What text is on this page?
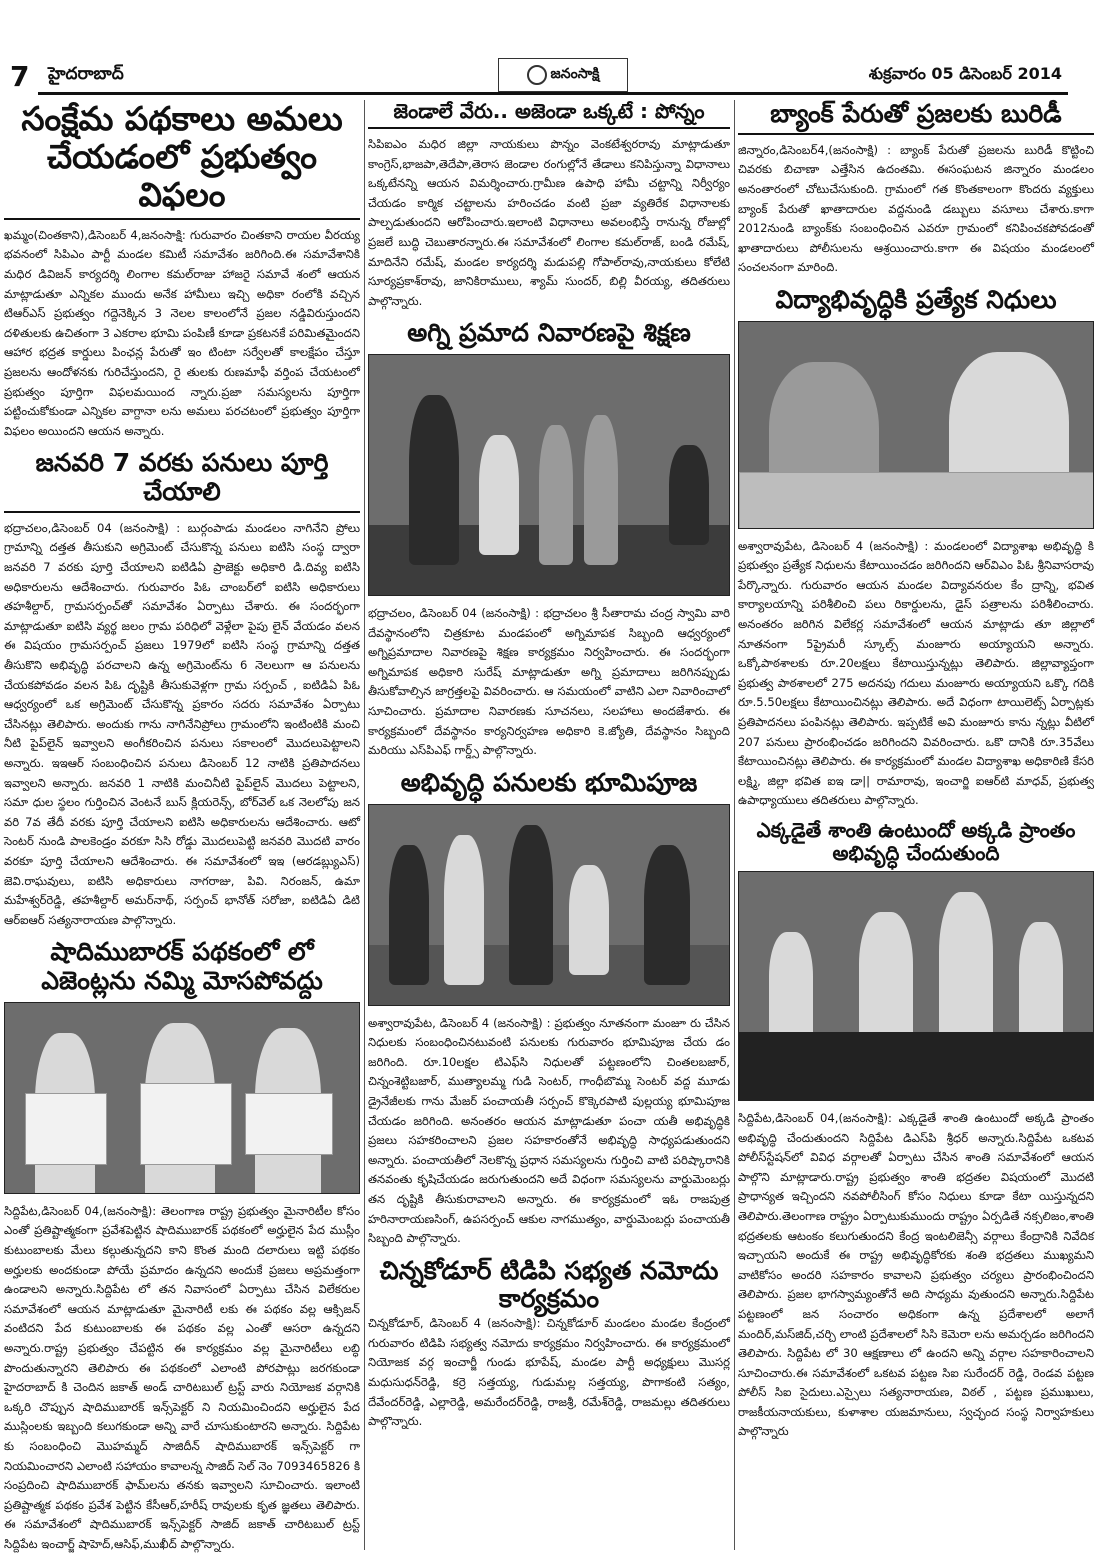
7 హైదరాబాద్	జనంసాక్షి	శుక్రవారం 05 డిసెంబర్ 2014
సంక్షేమ పథకాలు అమలు చేయడంలో ప్రభుత్వం విఫలం

ఖమ్మం(చింతకాని),డిసెంబర్ 4,జనంసాక్షి: గురువారం చింతకాని రాయల వీరయ్య భవనంలో సిపిఎం పార్టీ మండల కమిటీ సమావేశం జరిగింది.ఈ సమావేశానికి మధిర డివిజన్ కార్యదర్శి లింగాల కమల్‌రాజు హాజరై సమావే శంలో ఆయన మాట్లాడుతూ ఎన్నికల ముందు అనేక హామీలు ఇచ్చి అధికా రంలోకి వచ్చిన టిఆర్‌ఎస్ ప్రభుత్వం గద్దెనెక్కిన 3 నెలల కాలంలోనే ప్రజల నడ్డివిరుస్తుందని దళితులకు ఉచితంగా 3 ఎకరాల భూమి పంపిణీ కూడా ప్రకటనకే పరిమితమైందని ఆహార భద్రత కార్డులు పింఛన్ల పేరుతో ఇం టింటా సర్వేలతో కాలక్షేపం చేస్తూ ప్రజలను ఆందోళనకు గురిచేస్తుందని, రై తులకు రుణమాఫీ వర్తింప చేయటంలో ప్రభుత్వం పూర్తిగా విఫలమయింద న్నారు.ప్రజా సమస్యలను పూర్తిగా పట్టించుకోకుండా ఎన్నికల వాగ్దానా లను అమలు పరచటంలో ప్రభుత్వం పూర్తిగా విఫలం అయిందని ఆయన అన్నారు.

జనవరి 7 వరకు పనులు పూర్తి చేయాలి

భద్రాచలం,డిసెంబర్ 04 (జనంసాక్షి) : బుర్గంపాడు మండలం నాగినేని ప్రోలు గ్రామాన్ని దత్తత తీసుకుని అగ్రిమెంట్ చేసుకొన్న పనులు ఐటిసి సంస్థ ద్వారా జనవరి 7 వరకు పూర్తి చేయాలని ఐటిడిఏ ప్రాజెక్టు అధికారి డి.దివ్య ఐటిసి అధికారులను ఆదేశించారు. గురువారం పిఓ చాంబర్‌లో ఐటిసి అధికారులు తహశీల్దార్, గ్రామసర్పంచ్‌తో సమావేశం ఏర్పాటు చేశారు. ఈ సందర్భంగా మాట్లాడుతూ ఐటిసి వ్యర్థ జలం గ్రామ పరిధిలో వెళ్లేలా పైపు లైన్ వేయడం వలన ఈ విషయం గ్రామసర్పంచ్ ప్రజలు 1979లో ఐటిసి సంస్థ గ్రామాన్ని దత్తత తీసుకొని అభివృద్ధి పరచాలని ఉన్న అగ్రిమెంట్‌ను 6 నెలలుగా ఆ పనులను చేయకపోవడం వలన పిఓ దృష్టికి తీసుకువెళ్లగా గ్రామ సర్పంచ్ , ఐటిడిఏ పిఓ ఆధ్వర్యంలో ఒక అగ్రిమెంట్ చేసుకొన్న ప్రకారం సదరు సమావేశం ఏర్పాటు చేసినట్లు తెలిపారు. అందుకు గాను నాగినేనిప్రోలు గ్రామంలోని ఇంటింటికి మంచి నీటి పైప్‌లైన్ ఇవ్వాలని అంగీకరించిన పనులు సకాలంలో మొదలుపెట్టాలని అన్నారు. ఇఇఆర్ సంబంధించిన పనులు డిసెంబర్ 12 నాటికి ప్రతిపాదనలు ఇవ్వాలని అన్నారు. జనవరి 1 నాటికి మంచినీటి పైప్‌లైన్ మొదలు పెట్టాలని, సమా ధుల స్థలం గుర్తించిన వెంటనే బుస్ క్లియరెన్స్, బోర్‌వెల్ ఒక నెలలోపు జన వరి 7వ తేదీ వరకు పూర్తి చేయాలని ఐటిసి అధికారులను ఆదేశించారు. ఆటో సెంటర్ నుండి పాలకెండ్రం వరకూ సిసి రోడ్డు మొదలుపెట్టి జనవరి మొదటి వారం వరకూ పూర్తి చేయాలని ఆదేశించారు. ఈ సమావేశంలో ఇఇ (ఆరడబ్ల్యుఎస్) జెవి.రాఘవులు, ఐటిసి అధికారులు నాగరాజు, పివి. నిరంజన్, ఉమా మహేశ్వర్‌రెడ్డి, తహశీల్దార్ అమర్‌నాథ్, సర్పంచ్ భానోత్ సరోజా, ఐటిడిఏ డిటి ఆర్‌ఐఆర్ సత్యనారాయణ పాల్గొన్నారు.

షాదిముబారక్ పథకంలో లో ఎజెంట్లను నమ్మి మోసపోవద్దు

సిద్దిపేట,డిసెంబర్ 04,(జనంసాక్షి): తెలంగాణ రాష్ట్ర ప్రభుత్వం మైనారిటీల కోసం ఎంతో ప్రతిష్టాత్మకంగా ప్రవేశపెట్టిన షాదిముబారక్ పథకంలో అర్హులైన పేద ముస్లీం కుటుంబాలకు మేలు కల్గుతున్నదని కాని కొంత మంది దలారులు ఇట్టి పథకం అర్హులకు అందకుండా పోయే ప్రమాదం ఉన్నదని అందుకే ప్రజలు అప్రమత్తంగా ఉండాలని అన్నారు.సిద్దిపేట లో తన నివాసంలో ఏర్పాటు చేసిన విలేకరుల సమావేశంలో ఆయన మాట్లాడుతూ మైనారిటీ లకు ఈ పథకం వల్ల ఆక్సిజన్ వంటిదని పేద కుటుంబాలకు ఈ పథకం వల్ల ఎంతో ఆసరా ఉన్నదని అన్నారు.రాష్ట్ర ప్రభుత్వం చేపట్టిన ఈ కార్యక్రమం వల్ల మైనారిటీలు లబ్ధి పొందుతున్నారని తెలిపారు ఈ పథకంలో ఎలాంటి పోరపాట్లు జరగకుండా హైదరాబాద్ కి చెందిన జకాత్ అండ్ చారిటబుల్ ట్రస్ట్ వారు నియోజక వర్గానికి ఒక్కరి చొప్పున షాదిముబారక్ ఇన్స్‌పెక్టర్ ని నియమించిందని అర్హులైన పేద ముస్లింలకు ఇబ్బంది కలుగకుండా అన్ని వారే చూసుకుంటారని అన్నారు. సిద్దిపేట కు సంబంధించి మొహమ్మద్ సాజిదీన్ షాదిముబారక్ ఇన్స్‌పెక్టర్ గా నియమించారని ఎలాంటి సహాయం కావాలన్న సాజిద్ సెల్ నెం 7093465826 కి సంప్రదించి షాదిముబారక్ ఫామ్‌లను తనకు ఇవ్వాలని సూచించారు. ఇలాంటి ప్రతిష్టాత్మక పథకం ప్రవేశ పెట్టిన కేసీఆర్,హరీష్ రావులకు కృత జ్ఞతలు తెలిపారు. ఈ సమావేశంలో షాదిముబారక్ ఇన్స్‌పెక్టర్ సాజిద్ జకాత్ చారిటబుల్ ట్రస్ట్ సిద్దిపేట ఇంచార్జ్ షాహెద్,ఆసిఫ్,ముఖీద్ పాల్గొన్నారు.

జెండాలే వేరు.. అజెండా ఒక్కటే : పోన్నం

సిపిఐఎం మధిర జిల్లా నాయకులు పొన్నం వెంకటేశ్వరరావు మాట్లాడుతూ కాంగ్రెస్,భాజపా,తెదేపా,తెరాస జెండాల రంగుల్లోనే తేడాలు కనిపిస్తున్నా విధానాలు ఒక్కటేనన్ని ఆయన విమర్శించారు.గ్రామీణ ఉపాధి హామీ చట్టాన్ని నిర్వీర్యం చేయడం కార్మిక చట్టాలను హరించడం వంటి ప్రజా వ్యతిరేక విధానాలకు పాల్పడుతుందని ఆరోపించారు.ఇలాంటి విధానాలు అవలంభిస్తే రానున్న రోజుల్లో ప్రజలే బుద్ధి చెబుతారన్నారు.ఈ సమావేశంలో లింగాల కమల్‌రాజ్, బండి రమేష్, మాదినేని రమేష్, మండల కార్యదర్శి మడుపల్లి గోపాల్‌రావు,నాయకులు కోలేటి సూర్యప్రకాశ్‌రావు, జానికిరాములు, శ్యామ్ సుందర్, బిల్లి వీరయ్య, తదితరులు పాల్గొన్నారు.

అగ్ని ప్రమాద నివారణపై శిక్షణ

భద్రాచలం, డిసెంబర్ 04 (జనంసాక్షి) : భద్రాచలం శ్రీ సీతారామ చంద్ర స్వామి వారి దేవస్థానంలోని చిత్రకూట మండపంలో అగ్నిమాపక సిబ్బంది ఆధ్వర్యంలో అగ్నిప్రమాదాల నివారణపై శిక్షణ కార్యక్రమం నిర్వహించారు. ఈ సందర్భంగా అగ్నిమాపక అధికారి సురేష్ మాట్లాడుతూ అగ్ని ప్రమాదాలు జరిగినప్పుడు తీసుకోవాల్సిన జాగ్రత్తలపై వివరించారు. ఆ సమయంలో వాటిని ఎలా నివారించాలో సూచించారు. ప్రమాదాల నివారణకు సూచనలు, సలహాలు అందజేశారు. ఈ కార్యక్రమంలో దేవస్థానం కార్యనిర్వహణ అధికారి కె.జ్యోతి, దేవస్థానం సిబ్బంది మరియు ఎస్‌పిఎఫ్ గార్డ్స్ పాల్గొన్నారు.

అభివృద్ధి పనులకు భూమిపూజ

అశ్వారావుపేట, డిసెంబర్ 4 (జనంసాక్షి) : ప్రభుత్వం నూతనంగా మంజూ రు చేసిన నిధులకు సంబంధించినటువంటి పనులకు గురువారం భూమిపూజ చేయ డం జరిగింది. రూ.10లక్షల టిఎఫ్‌సి నిధులతో పట్టణంలోని చింతలబజార్, చిన్నంశెట్టిబజార్, ముత్యాలమ్మ గుడి సెంటర్, గాంధీబొమ్మ సెంటర్ వద్ద మూడు డ్రైనేజీలకు గాను మేజర్ పంచాయతీ సర్పంచ్ కొక్కెరపాటి పుల్లయ్య భూమిపూజ చేయడం జరిగింది. అనంతరం ఆయన మాట్లాడుతూ పంచా యతీ అభివృద్ధికి ప్రజలు సహకరించాలని ప్రజల సహకారంతోనే అభివృద్ధి సాధ్యపడుతుందని అన్నారు. పంచాయతీలో నెలకొన్న ప్రధాన సమస్యలను గుర్తించి వాటి పరిష్కారానికి తనవంతు కృషిచేయడం జరుగుతుందని అదే విధంగా సమస్యలను వార్డుమెంబర్లు తన దృష్టికి తీసుకురావాలని అన్నారు. ఈ కార్యక్రమంలో ఇఓ రాజపుత్ర హరినారాయణసింగ్, ఉపసర్పంచ్ ఆకుల నాగముత్యం, వార్డుమెంబర్లు పంచాయతీ సిబ్బంది పాల్గొన్నారు.

చిన్నకోడూర్ టిడిపి సభ్యత నమోదు కార్యక్రమం

చిన్నకోడూర్, డిసెంబర్ 4 (జనంసాక్షి): చిన్నకోడూర్ మండలం మండల కేంద్రంలో గురువారం టిడిపి సభ్యత్వ నమోదు కార్యక్రమం నిర్వహించారు. ఈ కార్యక్రమంలో నియోజక వర్గ ఇంచార్జీ గుండు భూపేష్, మండల పార్టీ అధ్యక్షులు మొసర్ల మధుసుధన్‌రెడ్డి, కర్రె సత్తయ్య, గుడుమల్ల సత్తయ్య, పొగాకంటి సత్యం, దేవేందర్‌రెడ్డి, ఎల్లారెడ్డి, అమరేందర్‌రెడ్డి, రాజశ్రీ, రమేశ్‌రెడ్డి, రాజమల్లు తదితరులు పాల్గొన్నారు.

బ్యాంక్ పేరుతో ప్రజలకు బురిడీ

జిన్నారం,డిసెంబర్4,(జనంసాక్షి) : బ్యాంక్ పేరుతో ప్రజలను బురిడీ కొట్టించి చివరకు బిచాణా ఎత్తేసిన ఉదంతమి. ఈసంఘటన జిన్నారం మండలం అనంతారంలో చోటుచేసుకుంది. గ్రామంలో గత కొంతకాలంగా కొందరు వ్యక్తులు బ్యాంక్ పేరుతో ఖాతాదారుల వద్దనుండి డబ్బులు వసూలు చేశారు.కాగా 2012నుండి బ్యాంక్‌కు సంబంధించిన ఎవరూ గ్రామంలో కనిపించకపోవడంతో ఖాతాదారులు పోలీసులను ఆశ్రయించారు.కాగా ఈ విషయం మండలంలో సంచలనంగా మారింది.

విద్యాభివృద్ధికి ప్రత్యేక నిధులు

అశ్వారావుపేట, డిసెంబర్ 4 (జనంసాక్షి) : మండలంలో విద్యాశాఖ అభివృద్ధి కి ప్రభుత్వం ప్రత్యేక నిధులను కేటాయించడం జరిగిందని ఆర్‌విఎం పిఓ శ్రీనివాసరావు పేర్కొన్నారు. గురువారం ఆయన మండల విద్యావనరుల కేం ద్రాన్ని, భవిత కార్యాలయాన్ని పరిశీలించి పలు రికార్డులను, డైస్ పత్రాలను పరిశీలించారు. అనంతరం జరిగిన విలేకర్ల సమావేశంలో ఆయన మాట్లాడు తూ జిల్లాలో నూతనంగా 5ప్రైమరీ స్కూల్స్ మంజూరు అయ్యాయని అన్నారు. ఒక్కోపాఠశాలకు రూ.20లక్షలు కేటాయిస్తున్నట్లు తెలిపారు. జిల్లావ్యాప్తంగా ప్రభుత్వ పాఠశాలలో 275 అదనపు గదులు మంజూరు అయ్యాయని ఒక్కొ గదికి రూ.5.50లక్షలు కేటాయించినట్లు తెలిపారు. అదే విధంగా టాయిలెట్స్ ఏర్పాట్లకు ప్రతిపాదనలు పంపినట్లు తెలిపారు. ఇప్పటికే అవి మంజూరు కాను న్నట్లు వీటిలో 207 పనులు ప్రారంభించడం జరిగిందని వివరించారు. ఒకొ దానికి రూ.35వేలు కేటాయించినట్లు తెలిపారు. ఈ కార్యక్రమంలో మండల విద్యాశాఖ అధికారిణి కేసరి లక్ష్మి, జిల్లా భవిత ఐఇ డా|| రామారావు, ఇంచార్జి ఐఆర్‌టి మాధవ్, ప్రభుత్వ ఉపాధ్యాయులు తదితరులు పాల్గొన్నారు.

ఎక్కడైతే శాంతి ఉంటుందో అక్కడి ప్రాంతం అభివృద్ధి చేందుతుంది

సిద్దిపేట,డిసెంబర్ 04,(జనంసాక్షి): ఎక్కడైతే శాంతి ఉంటుందో అక్కడి ప్రాంతం అభివృద్ధి చేందుతుందని సిద్దిపేట డిఎస్‌పి శ్రీధర్ అన్నారు.సిద్దిపేట ఒకటవ పోలీస్‌స్టేషన్‌లో వివిధ వర్గాలతో ఏర్పాటు చేసిన శాంతి సమావేశంలో ఆయన పాల్గొని మాట్లాడారు.రాష్ట్ర ప్రభుత్వం శాంతి భద్రతల విషయంలో మొదటి ప్రాధాన్యత ఇచ్చిందని నవపోలీసింగ్ కోసం నిధులు కూడా కేటా యిస్తున్నదని తెలిపారు.తెలంగాణ రాష్ట్రం ఏర్పాటుకుముందు రాష్ట్రం ఏర్పడితే నక్సలిజం,శాంతి భద్రతలకు ఆటంకం కలుగుతుందని కేంద్ర ఇంటలిజెన్సీ వర్గాలు కేంద్రానికి నివేదిక ఇచ్చాయని అందుకే ఈ రాష్ట్ర అభివృద్ధికోరకు శంతి భద్రతలు ముఖ్యమని వాటికోసం అందరి సహకారం కావాలని ప్రభుత్వం చర్యలు ప్రారంభించిందని తెలిపారు. ప్రజల భాగస్వామ్యంతోనే అది సాధ్యమ వుతుందని అన్నారు.సిద్దిపేట పట్టణంలో జన సంచారం అధికంగా ఉన్న ప్రదేశాలలో అలాగే మందిర్,మస్‌జిద్,చర్చి లాంటి ప్రదేశాలలో సిసి కెమెరా లను అమర్చడం జరిగిందని తెలిపారు. సిద్దిపేట లో 30 ఆక్షణాలు లో ఉందని అన్ని వర్గాల సహకారించాలని సూచించారు.ఈ సమావేశంలో ఒకటవ పట్టణ సిఐ సురేందర్ రెడ్డి, రెండవ పట్టణ పోలీస్ సిఐ సైదులు.ఎస్సైలు సత్యనారాయణ, విఠల్ , పట్టణ ప్రముఖులు, రాజకీయనాయకులు, కుళాశాల యజమానులు, స్వచ్ఛంద సంస్థ నిర్వాహకులు పాల్గొన్నారు
